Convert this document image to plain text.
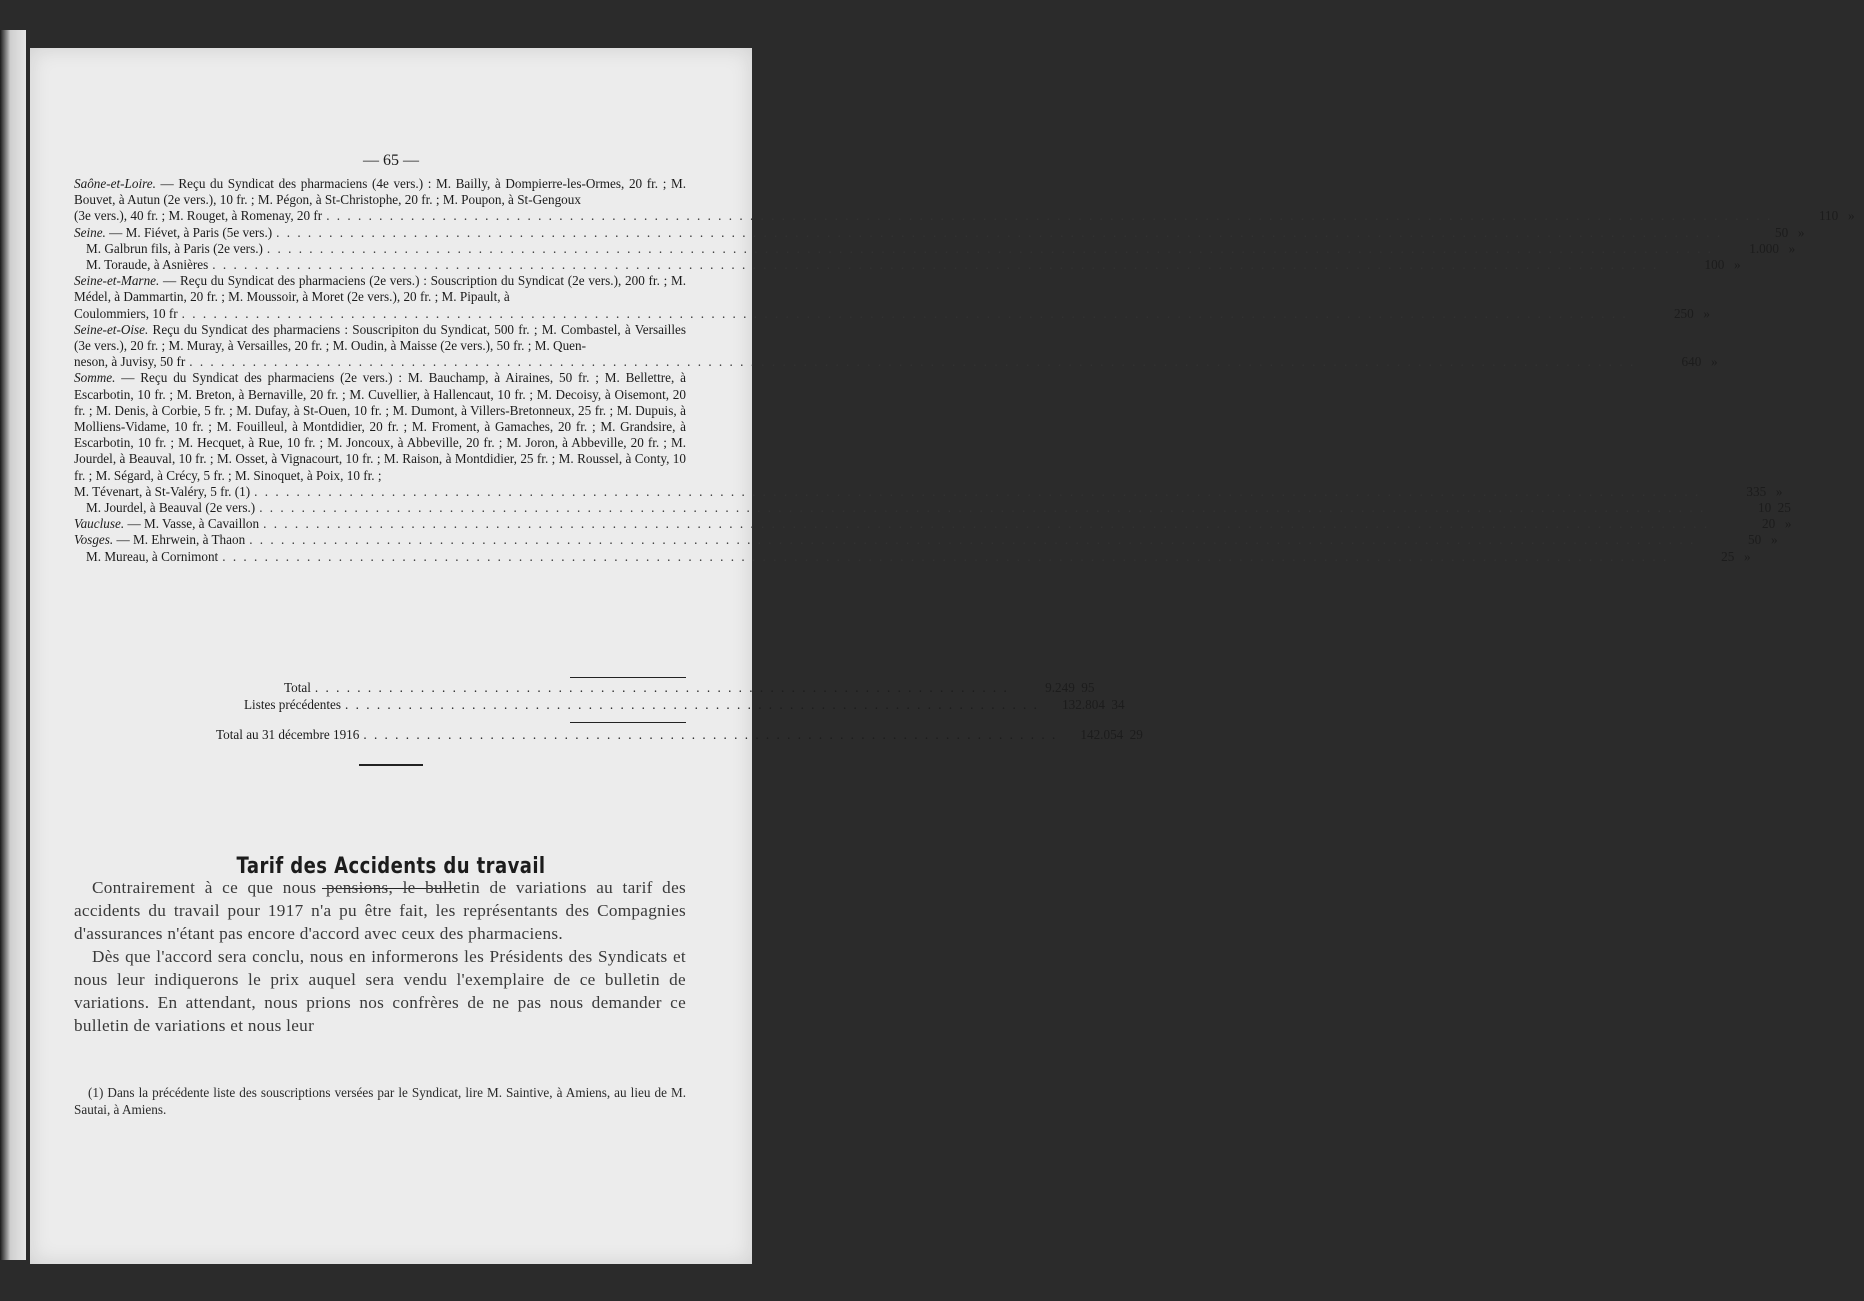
— 65 —
Saône-et-Loire. — Reçu du Syndicat des pharmaciens (4e vers.) : M. Bailly, à Dompierre-les-Ormes, 20 fr. ; M. Bouvet, à Autun (2e vers.), 10 fr. ; M. Pégon, à St-Christophe, 20 fr. ; M. Poupon, à St-Gengoux
(3e vers.), 40 fr. ; M. Rouget, à Romenay, 20 fr . . .	110 »
Seine. — M. Fiévet, à Paris (5e vers.) . . .	50 »
M. Galbrun fils, à Paris (2e vers.) . . .	1.000 »
M. Toraude, à Asnières . . .	100 »
Seine-et-Marne. — Reçu du Syndicat des pharmaciens (2e vers.) : Souscription du Syndicat (2e vers.), 200 fr. ; M. Médel, à Dammartin, 20 fr. ; M. Moussoir, à Moret (2e vers.), 20 fr. ; M. Pipault, à
Coulommiers, 10 fr . . .	250 »
Seine-et-Oise. Reçu du Syndicat des pharmaciens : Souscripiton du Syndicat, 500 fr. ; M. Combastel, à Versailles (3e vers.), 20 fr. ; M. Muray, à Versailles, 20 fr. ; M. Oudin, à Maisse (2e vers.), 50 fr. ; M. Quen-
neson, à Juvisy, 50 fr . . .	640 »
Somme. — Reçu du Syndicat des pharmaciens (2e vers.) : M. Bauchamp, à Airaines, 50 fr. ; M. Bellettre, à Escarbotin, 10 fr. ; M. Breton, à Bernaville, 20 fr. ; M. Cuvellier, à Hallencaut, 10 fr. ; M. Decoisy, à Oisemont, 20 fr. ; M. Denis, à Corbie, 5 fr. ; M. Dufay, à St-Ouen, 10 fr. ; M. Dumont, à Villers-Bretonneux, 25 fr. ; M. Dupuis, à Molliens-Vidame, 10 fr. ; M. Fouilleul, à Montdidier, 20 fr. ; M. Froment, à Gamaches, 20 fr. ; M. Grandsire, à Escarbotin, 10 fr. ; M. Hecquet, à Rue, 10 fr. ; M. Joncoux, à Abbeville, 20 fr. ; M. Joron, à Abbeville, 20 fr. ; M. Jourdel, à Beauval, 10 fr. ; M. Osset, à Vignacourt, 10 fr. ; M. Raison, à Montdidier, 25 fr. ; M. Roussel, à Conty, 10 fr. ; M. Ségard, à Crécy, 5 fr. ; M. Sinoquet, à Poix, 10 fr. ;
M. Tévenart, à St-Valéry, 5 fr. (1) . . .	335 »
M. Jourdel, à Beauval (2e vers.) . . .	10 25
Vaucluse. — M. Vasse, à Cavaillon . . .	20 »
Vosges. — M. Ehrwein, à Thaon . . .	50 »
M. Mureau, à Cornimont . . .	25 »
Total . . . . . . . . . . . . . . . . . . . . . . . . . . . . . . . . . . . . . . . . . . . . . . . . . . . . . . . . . . . . . . . . . .	9.249 95
Listes précédentes . . . . . . . . . . . . . . . . . . . . . . . . . . . . . . . . . . . . . . . . . . . . . . . . . . . . . . . . . . . . . . . . . .	132.804 34
Total au 31 décembre 1916 . . . . . . . . . . . . . . . . . . . . . . . . . . . . . . . . . . . . . . . . . . . . . . . . . . . . . . . . . . . . . . . . . .	142.054 29
Tarif des Accidents du travail

Contrairement à ce que nous pensions, le bulletin de variations au tarif des accidents du travail pour 1917 n'a pu être fait, les représentants des Compagnies d'assurances n'étant pas encore d'accord avec ceux des pharmaciens.

Dès que l'accord sera conclu, nous en informerons les Présidents des Syndicats et nous leur indiquerons le prix auquel sera vendu l'exemplaire de ce bulletin de variations. En attendant, nous prions nos confrères de ne pas nous demander ce bulletin de variations et nous leur

(1) Dans la précédente liste des souscriptions versées par le Syndicat, lire M. Saintive, à Amiens, au lieu de M. Sautai, à Amiens.
